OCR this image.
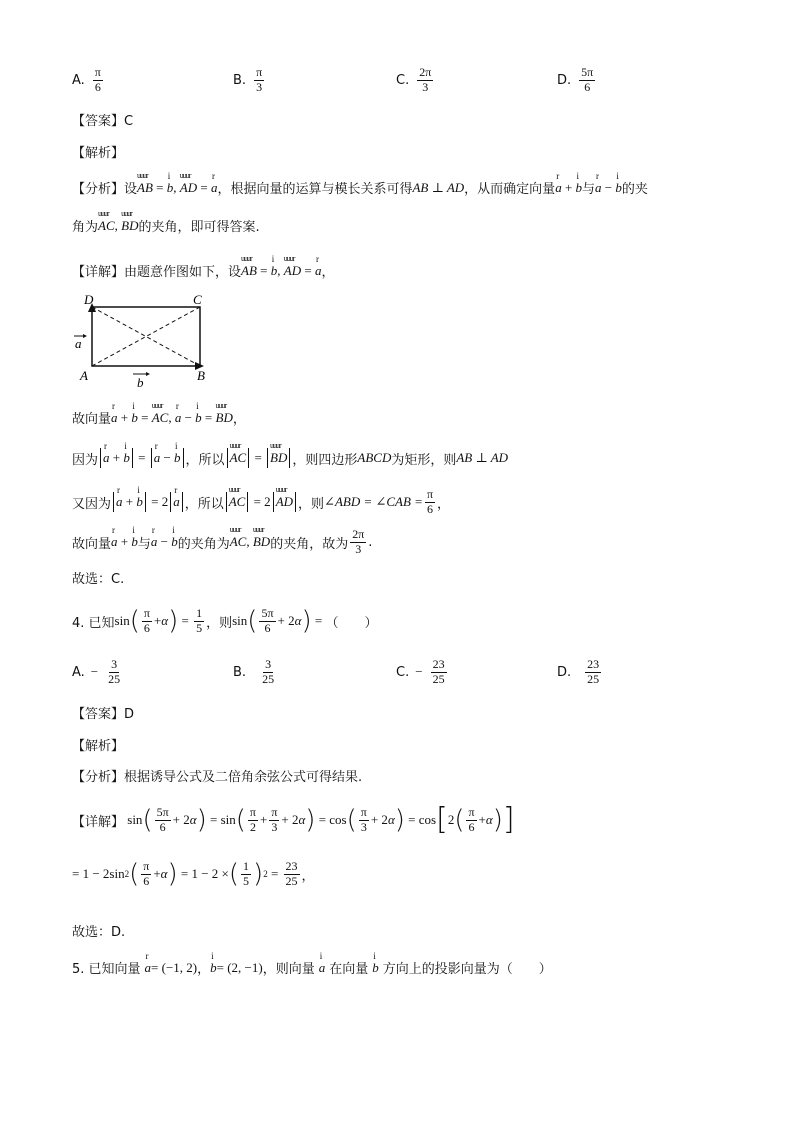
A. $\frac{\pi}{6}$	B. $\frac{\pi}{3}$	C. $\frac{2\pi}{3}$	D. $\frac{5\pi}{6}$
【答案】C
【解析】
【分析】 设 uuur AB = i b , uuur AD = r a ，根据向量的运算与模长关系可得 AB ⊥ AD ，从而确定向量 r a + i b 与 r a − i b 的夹
角为 uuur AC , uuur BD 的夹角，即可得答案.
【详解】 由题意作图如下，设 uuur AB = i b , uuur AD = r a ，
D	C
A	B
a
b
故向量 r a + i b = uuur AC , r a − i b = uuur BD ，
因为 r a + i b = r a − i b ，所以 uuur AC = uuur BD ，则四边形 ABCD 为矩形，则 AB ⊥ AD
又因为 r a + i b = 2 r a ，所以 uuur AC = 2 uuur AD ，则 ∠ABD = ∠CAB = $\frac{\pi}{6}$ ，
故向量 r a + i b 与 r a − i b 的夹角为 uuur AC , uuur BD 的夹角，故为 $\frac{2\pi}{3}$ .
故选：C.
4. 已知 sin ( $\frac{\pi}{6} + \alpha$ ) = $\frac{1}{5}$ ，则 sin ( $\frac{5\pi}{6} + 2$ α ) = （　　）
A. − $\frac{3}{25}$	B. $\frac{3}{25}$	C. − $\frac{23}{25}$	D. $\frac{23}{25}$
【答案】D
【解析】
【分析】根据诱导公式及二倍角余弦公式可得结果.
【详解】 sin ( $\frac{5\pi}{6} + 2$ α ) = sin ( $\frac{\pi}{2} + \frac{\pi}{3} + 2$ α ) = cos ( $\frac{\pi}{3} + 2$ α ) = cos [ 2 ( $\frac{\pi}{6} + \alpha$ ) ]
= 1 − 2sin 2 ( $\frac{\pi}{6} + \alpha$ ) = 1 − 2 × ( $\frac{1}{5}$ ) $2 = \frac{23}{25}$ ，
故选：D.
5. 已知向量 r a = (−1, 2) ， i b = (2, −1) ，则向量 i a 在向量 i b 方向上的投影向量为（　　）
